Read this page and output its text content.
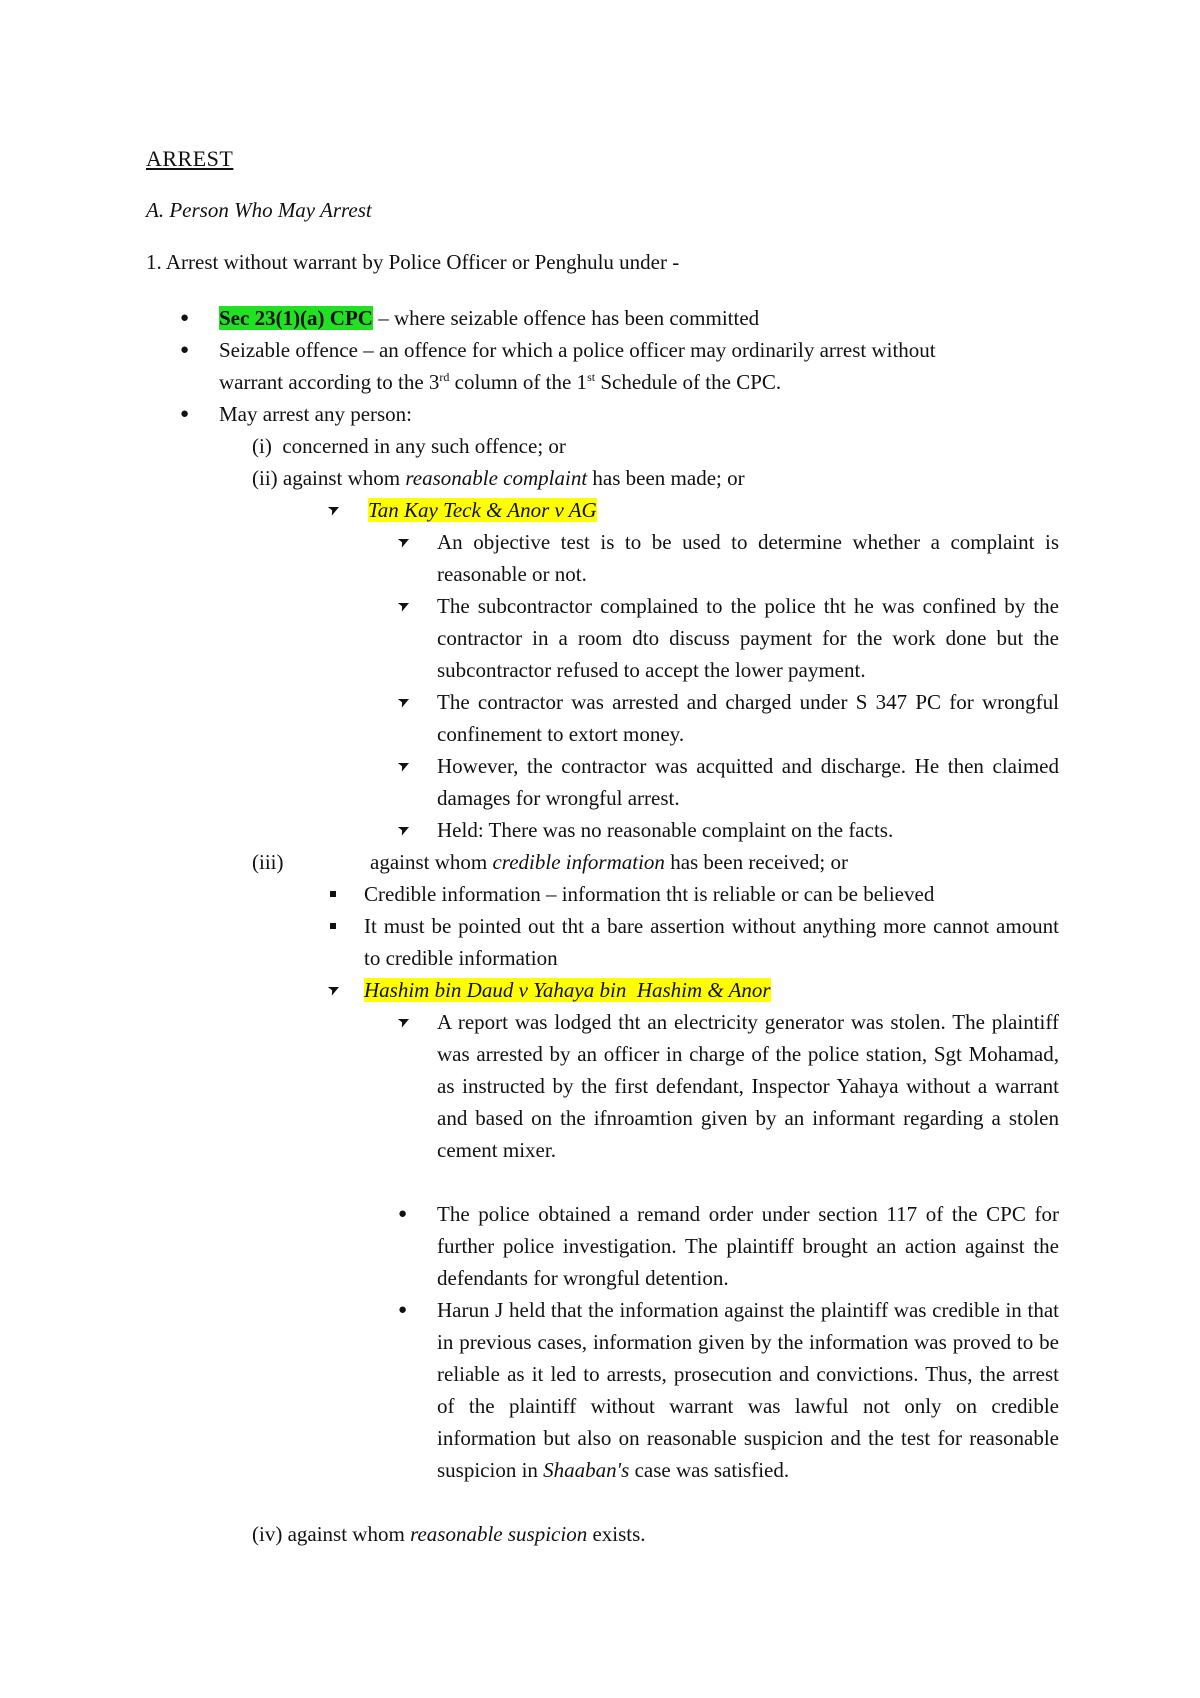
ARREST
A. Person Who May Arrest
1. Arrest without warrant by Police Officer or Penghulu under -
● Sec 23(1)(a) CPC – where seizable offence has been committed
● Seizable offence – an offence for which a police officer may ordinarily arrest without
warrant according to the 3rd column of the 1st Schedule of the CPC.
● May arrest any person:
(i)  concerned in any such offence; or
(ii) against whom reasonable complaint has been made; or
➤ Tan Kay Teck & Anor v AG
➤ An objective test is to be used to determine whether a complaint is reasonable or not.
➤ The subcontractor complained to the police tht he was confined by the contractor in a room dto discuss payment for the work done but the subcontractor refused to accept the lower payment.
➤ The contractor was arrested and charged under S 347 PC for wrongful confinement to extort money.
➤ However, the contractor was acquitted and discharge. He then claimed damages for wrongful arrest.
➤ Held: There was no reasonable complaint on the facts.
(iii)	against whom credible information has been received; or
Credible information – information tht is reliable or can be believed
It must be pointed out tht a bare assertion without anything more cannot amount to credible information
➤ Hashim bin Daud v Yahaya bin  Hashim & Anor
➤ A report was lodged tht an electricity generator was stolen. The plaintiff was arrested by an officer in charge of the police station, Sgt Mohamad, as instructed by the first defendant, Inspector Yahaya without a warrant and based on the ifnroamtion given by an informant regarding a stolen cement mixer.
● The police obtained a remand order under section 117 of the CPC for further police investigation. The plaintiff brought an action against the defendants for wrongful detention.
● Harun J held that the information against the plaintiff was credible in that in previous cases, information given by the information was proved to be reliable as it led to arrests, prosecution and convictions. Thus, the arrest of the plaintiff without warrant was lawful not only on credible information but also on reasonable suspicion and the test for reasonable suspicion in Shaaban's case was satisfied.
(iv) against whom reasonable suspicion exists.
